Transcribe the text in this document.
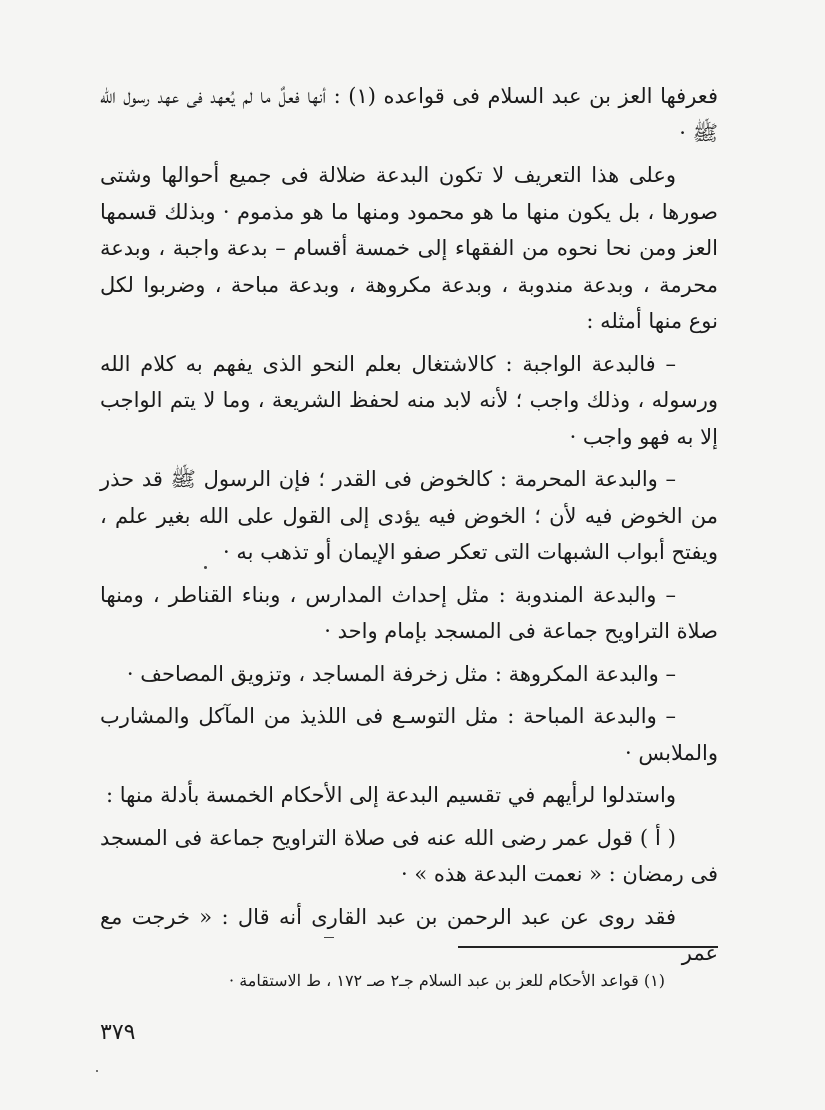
فعرفها العز بن عبد السلام فى قواعده (١) : أنها فعلٌ ما لم يُعهد فى عهد رسول الله ﷺ ·

وعلى هذا التعريف لا تكون البدعة ضلالة فى جميع أحوالها وشتى صورها ، بل يكون منها ما هو محمود ومنها ما هو مذموم · وبذلك قسمها العز ومن نحا نحوه من الفقهاء إلى خمسة أقسام – بدعة واجبة ، وبدعة محرمة ، وبدعة مندوبة ، وبدعة مكروهة ، وبدعة مباحة ، وضربوا لكل نوع منها أمثله :

– فالبدعة الواجبة : كالاشتغال بعلم النحو الذى يفهم به كلام الله ورسوله ، وذلك واجب ؛ لأنه لابد منه لحفظ الشريعة ، وما لا يتم الواجب إلا به فهو واجب ·

– والبدعة المحرمة : كالخوض فى القدر ؛ فإن الرسول ﷺ قد حذر من الخوض فيه لأن ؛ الخوض فيه يؤدى إلى القول على الله بغير علم ، ويفتح أبواب الشبهات التى تعكر صفو الإيمان أو تذهب به ·

– والبدعة المندوبة : مثل إحداث المدارس ، وبناء القناطر ، ومنها صلاة التراويح جماعة فى المسجد بإمام واحد ·

– والبدعة المكروهة : مثل زخرفة المساجد ، وتزويق المصاحف ·

– والبدعة المباحة : مثل التوسـع فى اللذيذ من المآكل والمشارب والملابس ·

واستدلوا لرأيهم في تقسيم البدعة إلى الأحكام الخمسة بأدلة منها :

( أ ) قول عمر رضى الله عنه فى صلاة التراويح جماعة فى المسجد فى رمضان : « نعمت البدعة هذه » ·

فقد روى عن عبد الرحمن بن عبد القارى أنه قال : « خرجت مع عمر

(١) قواعد الأحكام للعز بن عبد السلام جـ٢ صـ ١٧٢ ، ط الاستقامة ·
٣٧٩
